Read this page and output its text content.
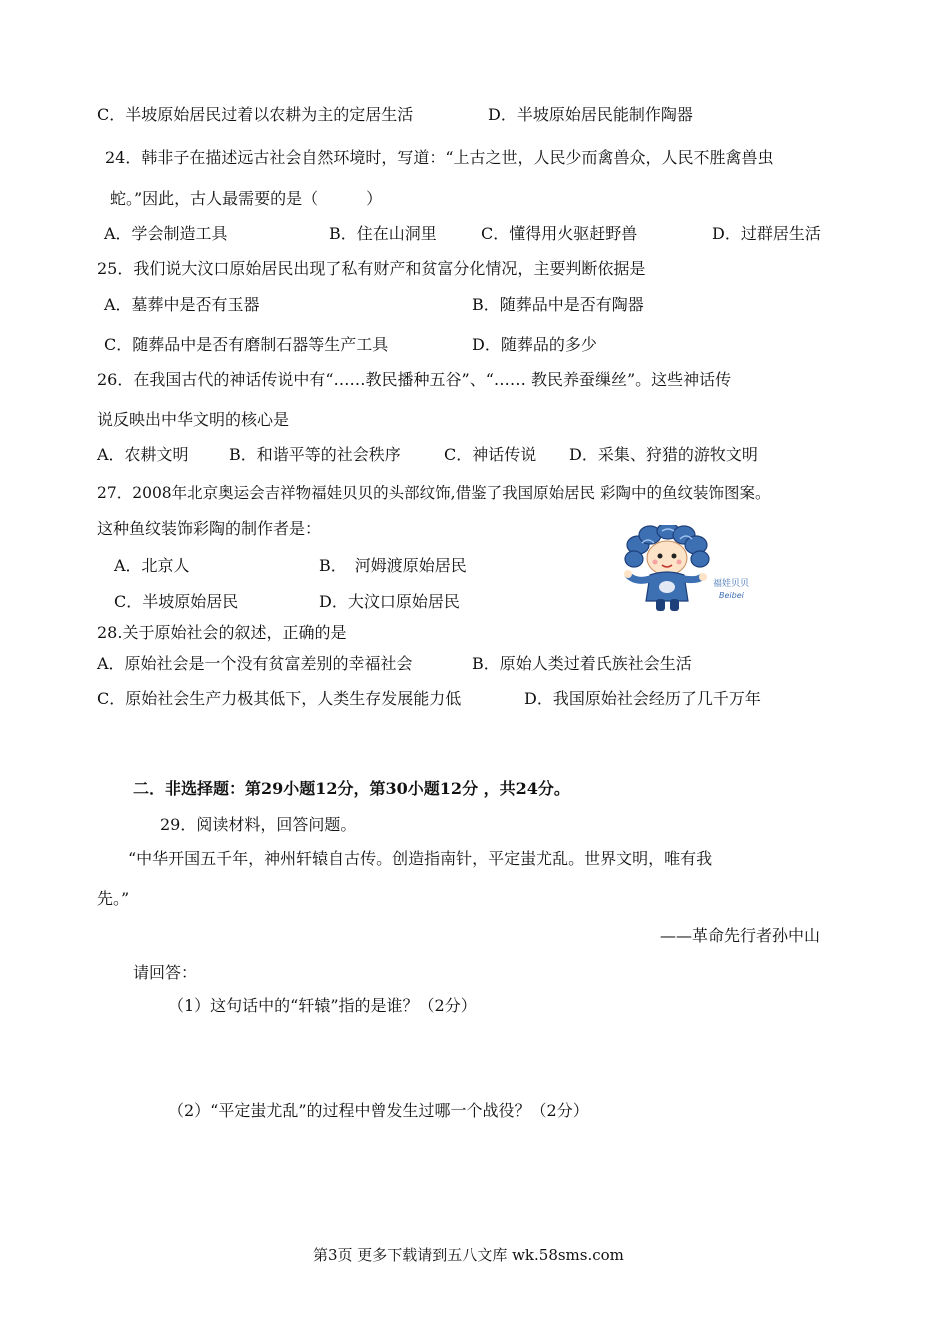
C．半坡原始居民过着以农耕为主的定居生活	D．半坡原始居民能制作陶器
24．韩非子在描述远古社会自然环境时，写道：“上古之世，人民少而禽兽众，人民不胜禽兽虫
蛇。”因此，古人最需要的是（　　　）
A．学会制造工具	B．住在山洞里	C．懂得用火驱赶野兽	D．过群居生活
25．我们说大汶口原始居民出现了私有财产和贫富分化情况，主要判断依据是
A．墓葬中是否有玉器	B．随葬品中是否有陶器
C．随葬品中是否有磨制石器等生产工具	D．随葬品的多少
26．在我国古代的神话传说中有“……教民播种五谷”、“…… 教民养蚕缫丝”。这些神话传
说反映出中华文明的核心是
A．农耕文明	B．和谐平等的社会秩序	C．神话传说 D．采集、狩猎的游牧文明
27．2008年北京奥运会吉祥物福娃贝贝的头部纹饰,借鉴了我国原始居民 彩陶中的鱼纹装饰图案。
这种鱼纹装饰彩陶的制作者是：
A．北京人	B．　河姆渡原始居民
C．半坡原始居民	D．大汶口原始居民
福娃贝贝
Beibei
28.关于原始社会的叙述，正确的是
A．原始社会是一个没有贫富差别的幸福社会	B．原始人类过着氏族社会生活
C．原始社会生产力极其低下，人类生存发展能力低	D．我国原始社会经历了几千万年
二．非选择题：第29小题12分，第30小题12分 ，共24分。
29．阅读材料，回答问题。
“中华开国五千年，神州轩辕自古传。创造指南针，平定蚩尤乱。世界文明，唯有我
先。”
——革命先行者孙中山
请回答：
（1）这句话中的“轩辕”指的是谁？（2分）
（2）“平定蚩尤乱”的过程中曾发生过哪一个战役？（2分）
第3页 更多下载请到五八文库 wk.58sms.com
